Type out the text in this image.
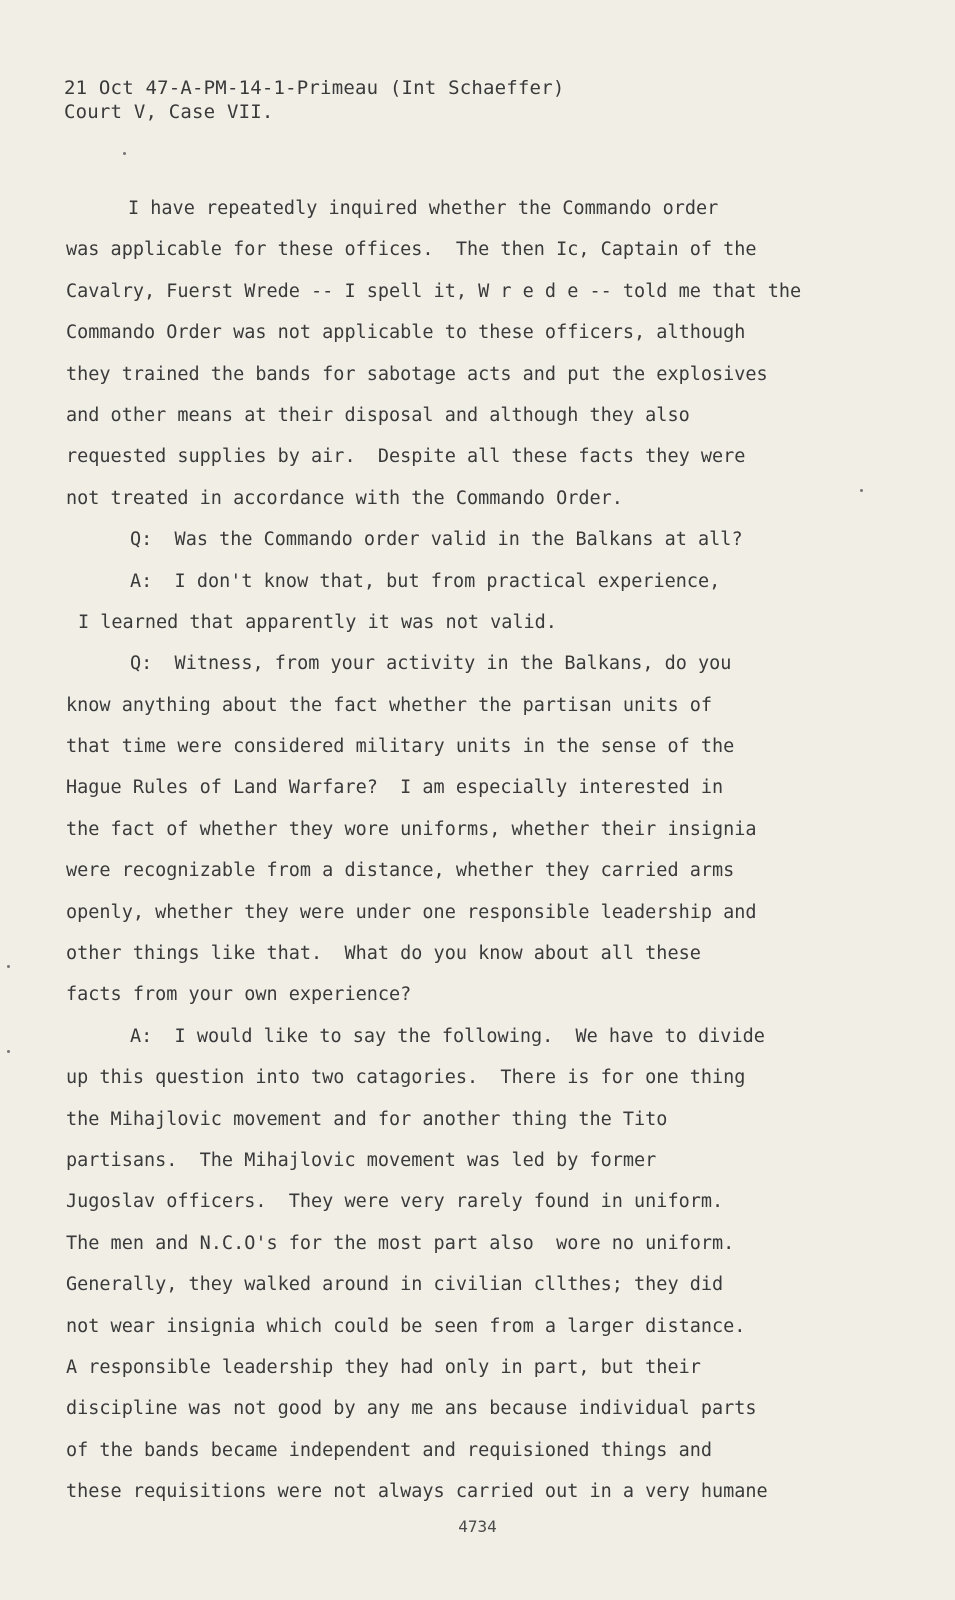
21 Oct 47-A-PM-14-1-Primeau (Int Schaeffer)
Court V, Case VII.
I have repeatedly inquired whether the Commando order
was applicable for these offices.  The then Ic, Captain of the
Cavalry, Fuerst Wrede -- I spell it, W r e d e -- told me that the
Commando Order was not applicable to these officers, although
they trained the bands for sabotage acts and put the explosives
and other means at their disposal and although they also
requested supplies by air.  Despite all these facts they were
not treated in accordance with the Commando Order.
Q:  Was the Commando order valid in the Balkans at all?
A:  I don't know that, but from practical experience,
I learned that apparently it was not valid.
Q:  Witness, from your activity in the Balkans, do you
know anything about the fact whether the partisan units of
that time were considered military units in the sense of the
Hague Rules of Land Warfare?  I am especially interested in
the fact of whether they wore uniforms, whether their insignia
were recognizable from a distance, whether they carried arms
openly, whether they were under one responsible leadership and
other things like that.  What do you know about all these
facts from your own experience?
A:  I would like to say the following.  We have to divide
up this question into two catagories.  There is for one thing
the Mihajlovic movement and for another thing the Tito
partisans.  The Mihajlovic movement was led by former
Jugoslav officers.  They were very rarely found in uniform.
The men and N.C.O's for the most part also  wore no uniform.
Generally, they walked around in civilian cllthes; they did
not wear insignia which could be seen from a larger distance.
A responsible leadership they had only in part, but their
discipline was not good by any me ans because individual parts
of the bands became independent and requisioned things and
these requisitions were not always carried out in a very humane
4734
